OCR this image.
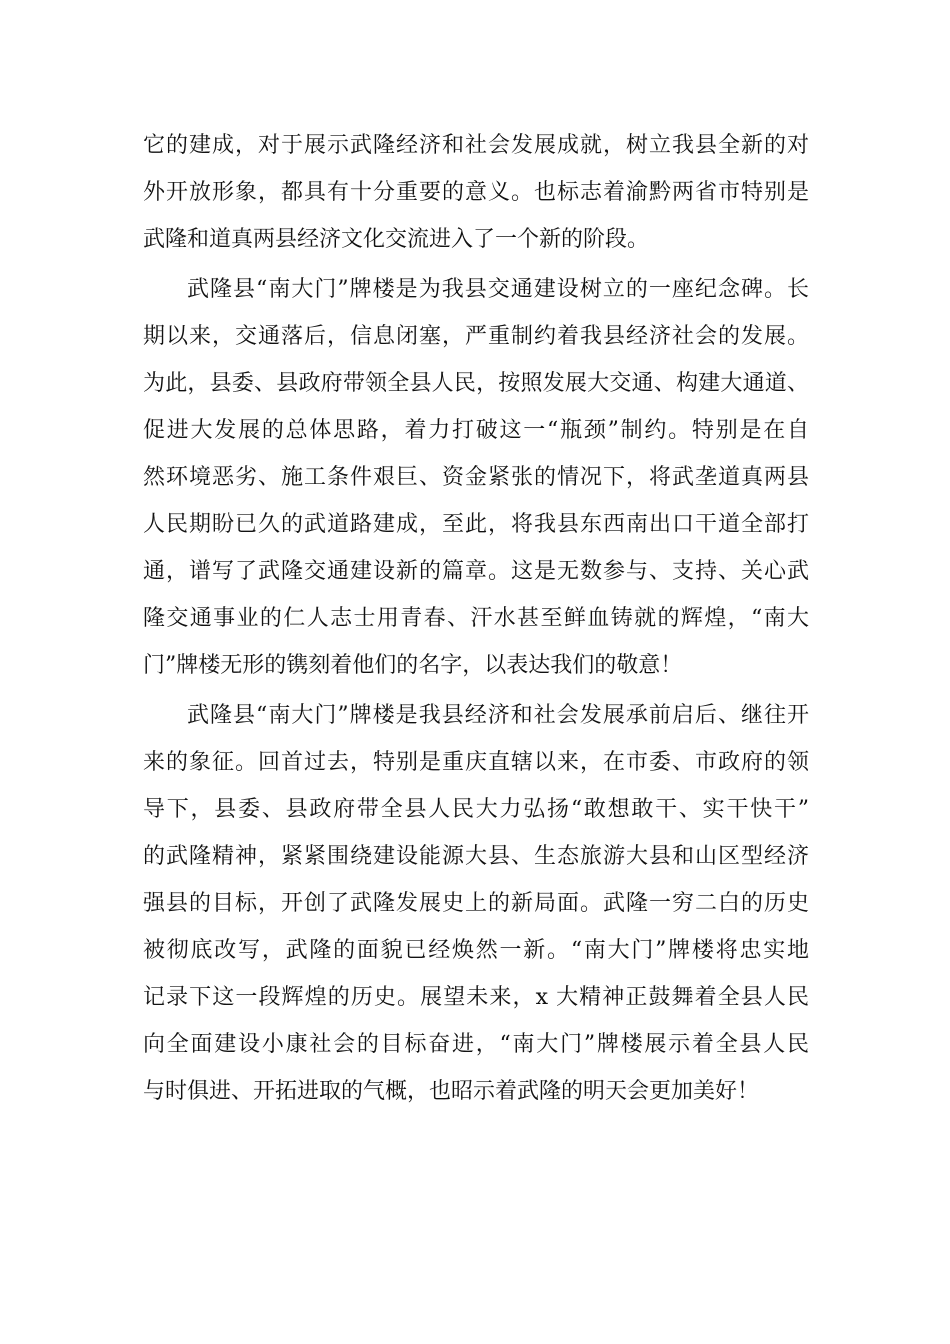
它的建成，对于展示武隆经济和社会发展成就，树立我县全新的对
外开放形象，都具有十分重要的意义。也标志着渝黔两省市特别是
武隆和道真两县经济文化交流进入了一个新的阶段。
武隆县“南大门”牌楼是为我县交通建设树立的一座纪念碑。长
期以来，交通落后，信息闭塞，严重制约着我县经济社会的发展。
为此，县委、县政府带领全县人民，按照发展大交通、构建大通道、
促进大发展的总体思路，着力打破这一“瓶颈”制约。特别是在自
然环境恶劣、施工条件艰巨、资金紧张的情况下，将武垄道真两县
人民期盼已久的武道路建成，至此，将我县东西南出口干道全部打
通，谱写了武隆交通建设新的篇章。这是无数参与、支持、关心武
隆交通事业的仁人志士用青春、汗水甚至鲜血铸就的辉煌，“南大
门”牌楼无形的镌刻着他们的名字，以表达我们的敬意！
武隆县“南大门”牌楼是我县经济和社会发展承前启后、继往开
来的象征。回首过去，特别是重庆直辖以来，在市委、市政府的领
导下，县委、县政府带全县人民大力弘扬“敢想敢干、实干快干”
的武隆精神，紧紧围绕建设能源大县、生态旅游大县和山区型经济
强县的目标，开创了武隆发展史上的新局面。武隆一穷二白的历史
被彻底改写，武隆的面貌已经焕然一新。“南大门”牌楼将忠实地
记录下这一段辉煌的历史。展望未来，x 大精神正鼓舞着全县人民
向全面建设小康社会的目标奋进，“南大门”牌楼展示着全县人民
与时俱进、开拓进取的气概，也昭示着武隆的明天会更加美好！
